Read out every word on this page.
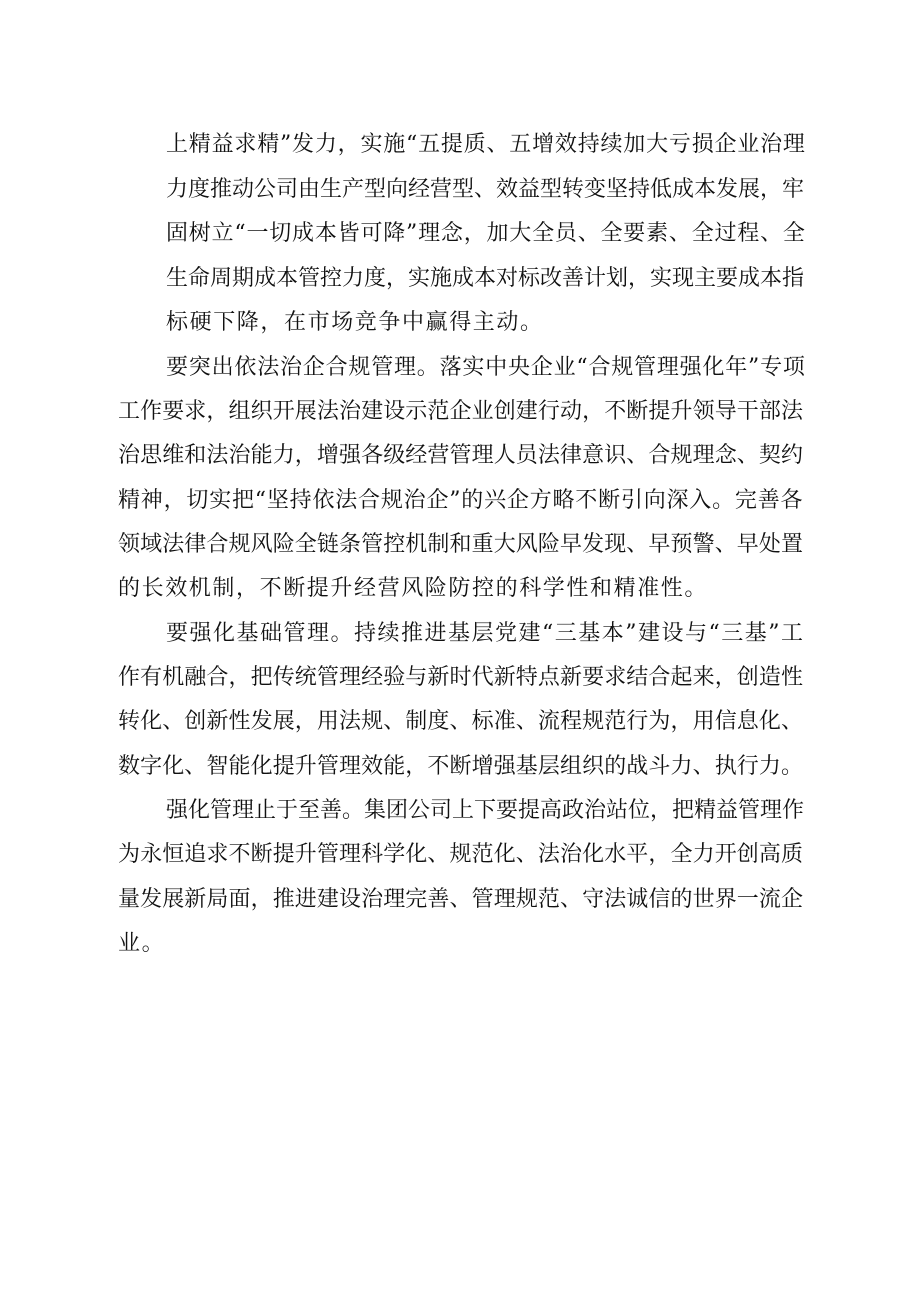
上精益求精”发力，实施“五提质、五增效持续加大亏损企业治理
力度推动公司由生产型向经营型、效益型转变坚持低成本发展，牢
固树立“一切成本皆可降”理念，加大全员、全要素、全过程、全
生命周期成本管控力度，实施成本对标改善计划，实现主要成本指
标硬下降，在市场竞争中赢得主动。
要突出依法治企合规管理。落实中央企业“合规管理强化年”专项
工作要求，组织开展法治建设示范企业创建行动，不断提升领导干部法
治思维和法治能力，增强各级经营管理人员法律意识、合规理念、契约
精神，切实把“坚持依法合规治企”的兴企方略不断引向深入。完善各
领域法律合规风险全链条管控机制和重大风险早发现、早预警、早处置
的长效机制，不断提升经营风险防控的科学性和精准性。
要强化基础管理。持续推进基层党建“三基本”建设与“三基”工
作有机融合，把传统管理经验与新时代新特点新要求结合起来，创造性
转化、创新性发展，用法规、制度、标准、流程规范行为，用信息化、
数字化、智能化提升管理效能，不断增强基层组织的战斗力、执行力。
强化管理止于至善。集团公司上下要提高政治站位，把精益管理作
为永恒追求不断提升管理科学化、规范化、法治化水平，全力开创高质
量发展新局面，推进建设治理完善、管理规范、守法诚信的世界一流企
业。
